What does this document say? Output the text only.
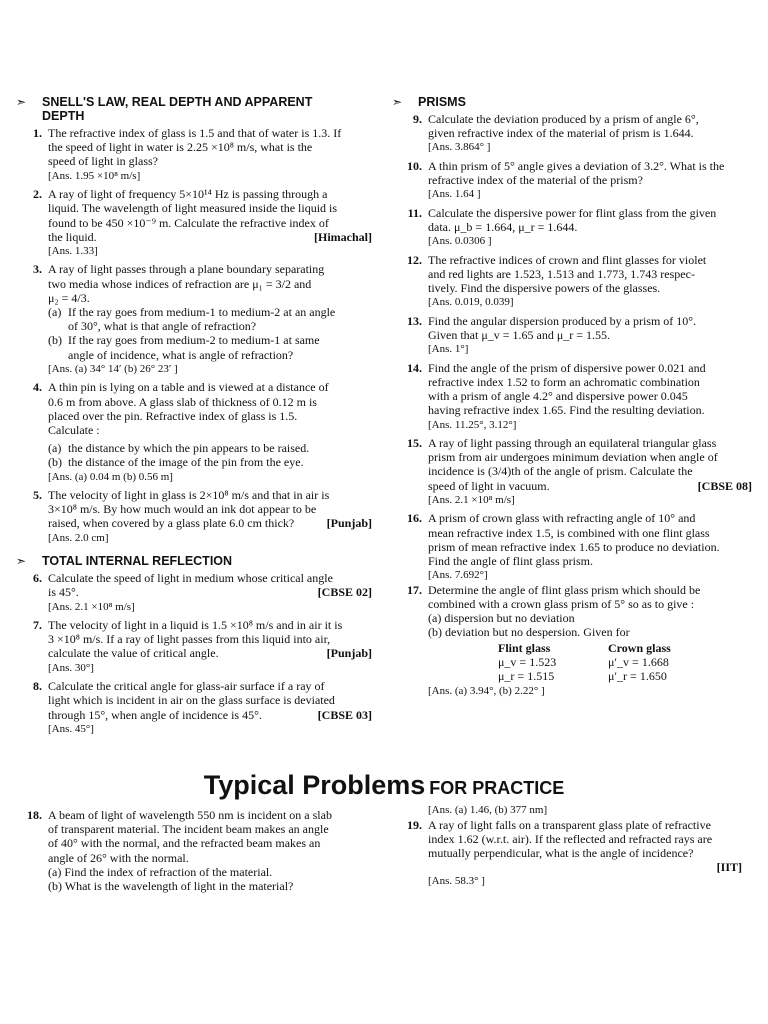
➣	SNELL'S LAW, REAL DEPTH AND APPARENT
DEPTH
1. The refractive index of glass is 1.5 and that of water is 1.3. If
the speed of light in water is 2.25 ×10⁸ m/s, what is the
speed of light in glass?
[Ans. 1.95 ×10⁸ m/s]
2. A ray of light of frequency 5×10¹⁴ Hz is passing through a
liquid. The wavelength of light measured inside the liquid is
found to be 450 ×10⁻⁹ m. Calculate the refractive index of
the liquid.	[Himachal]
[Ans. 1.33]
3. A ray of light passes through a plane boundary separating
two media whose indices of refraction are μ₁ = 3/2 and
μ₂ = 4/3.
(a) If the ray goes from medium-1 to medium-2 at an angle
of 30°, what is that angle of refraction?
(b) If the ray goes from medium-2 to medium-1 at same
angle of incidence, what is angle of refraction?
[Ans. (a) 34° 14′ (b) 26° 23′ ]
4. A thin pin is lying on a table and is viewed at a distance of
0.6 m from above. A glass slab of thickness of 0.12 m is
placed over the pin. Refractive index of glass is 1.5.
Calculate :
(a) the distance by which the pin appears to be raised.
(b) the distance of the image of the pin from the eye.
[Ans. (a) 0.04 m (b) 0.56 m]
5. The velocity of light in glass is 2×10⁸ m/s and that in air is
3×10⁸ m/s. By how much would an ink dot appear to be
raised, when covered by a glass plate 6.0 cm thick?	[Punjab]
[Ans. 2.0 cm]
➣	TOTAL INTERNAL REFLECTION
6. Calculate the speed of light in medium whose critical angle
is 45°.	[CBSE 02]
[Ans. 2.1 ×10⁸ m/s]
7. The velocity of light in a liquid is 1.5 ×10⁸ m/s and in air it is
3 ×10⁸ m/s. If a ray of light passes from this liquid into air,
calculate the value of critical angle.	[Punjab]
[Ans. 30°]
8. Calculate the critical angle for glass-air surface if a ray of
light which is incident in air on the glass surface is deviated
through 15°, when angle of incidence is 45°.	[CBSE 03]
[Ans. 45°]
➣	PRISMS
9. Calculate the deviation produced by a prism of angle 6°,
given refractive index of the material of prism is 1.644.
[Ans. 3.864° ]
10. A thin prism of 5° angle gives a deviation of 3.2°. What is the
refractive index of the material of the prism?
[Ans. 1.64 ]
11. Calculate the dispersive power for flint glass from the given
data. μ_b = 1.664, μ_r = 1.644.
[Ans. 0.0306 ]
12. The refractive indices of crown and flint glasses for violet
and red lights are 1.523, 1.513 and 1.773, 1.743 respec-
tively. Find the dispersive powers of the glasses.
[Ans. 0.019, 0.039]
13. Find the angular dispersion produced by a prism of 10°.
Given that μ_v = 1.65 and μ_r = 1.55.
[Ans. 1°]
14. Find the angle of the prism of dispersive power 0.021 and
refractive index 1.52 to form an achromatic combination
with a prism of angle 4.2° and dispersive power 0.045
having refractive index 1.65. Find the resulting deviation.
[Ans. 11.25°, 3.12°]
15. A ray of light passing through an equilateral triangular glass
prism from air undergoes minimum deviation when angle of
incidence is (3/4)th of the angle of prism. Calculate the
speed of light in vacuum.	[CBSE 08]
[Ans. 2.1 ×10⁸ m/s]
16. A prism of crown glass with refracting angle of 10° and
mean refractive index 1.5, is combined with one flint glass
prism of mean refractive index 1.65 to produce no deviation.
Find the angle of flint glass prism.
[Ans. 7.692°]
17. Determine the angle of flint glass prism which should be
combined with a crown glass prism of 5° so as to give :
(a) dispersion but no deviation
(b) deviation but no despersion. Given for
Flint glass	Crown glass
μ_v = 1.523	μ′_v = 1.668
μ_r = 1.515	μ′_r = 1.650
[Ans. (a) 3.94°, (b) 2.22° ]
Typical Problems FOR PRACTICE
18. A beam of light of wavelength 550 nm is incident on a slab
of transparent material. The incident beam makes an angle
of 40° with the normal, and the refracted beam makes an
angle of 26° with the normal.
(a) Find the index of refraction of the material.
(b) What is the wavelength of light in the material?
[Ans. (a) 1.46, (b) 377 nm]
19. A ray of light falls on a transparent glass plate of refractive
index 1.62 (w.r.t. air). If the reflected and refracted rays are
mutually perpendicular, what is the angle of incidence?
[IIT]
[Ans. 58.3° ]
